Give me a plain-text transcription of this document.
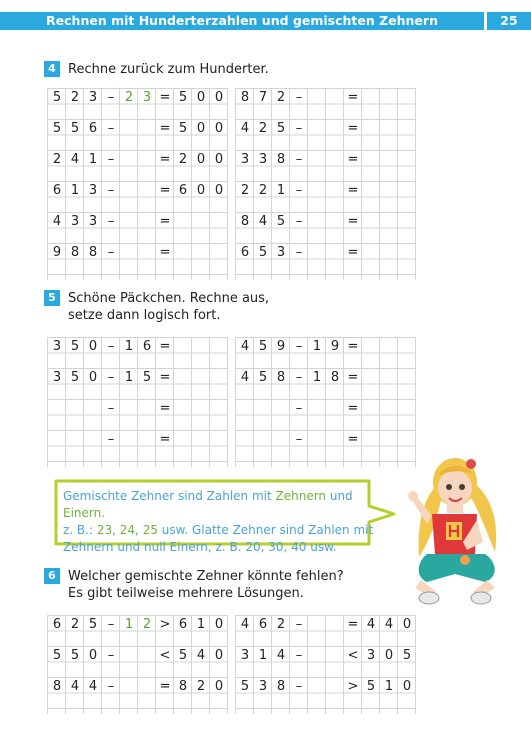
Rechnen mit Hunderterzahlen und gemischten Zehnern	25
4 Rechne zurück zum Hunderter.
5 Schöne Päckchen. Rechne aus,
setze dann logisch fort.
6 Welcher gemischte Zehner könnte fehlen?
Es gibt teilweise mehrere Lösungen.
5 2 3 – 2 3 = 5 0 0
5 5 6 –	= 5 0 0
2 4 1 –	= 2 0 0
6 1 3 –	= 6 0 0
4 3 3 –	=
9 8 8 –	=
8 7 2 –	=
4 2 5 –	=
3 3 8 –	=
2 2 1 –	=
8 4 5 –	=
6 5 3 –	=
3 5 0 – 1 6 =
3 5 0 – 1 5 =
–	=
–	=
4 5 9 – 1 9 =
4 5 8 – 1 8 =
–	=
–	=
6 2 5 – 1 2 > 6 1 0
5 5 0 –	< 5 4 0
8 4 4 –	= 8 2 0
4 6 2 –	= 4 4 0
3 1 4 –	< 3 0 5
5 3 8 –	> 5 1 0
Gemischte Zehner sind Zahlen mit Zehnern und Einern.
z. B.: 23, 24, 25 usw. Glatte Zehner sind Zahlen mit
Zehnern und null Einern, z. B. 20, 30, 40 usw.
